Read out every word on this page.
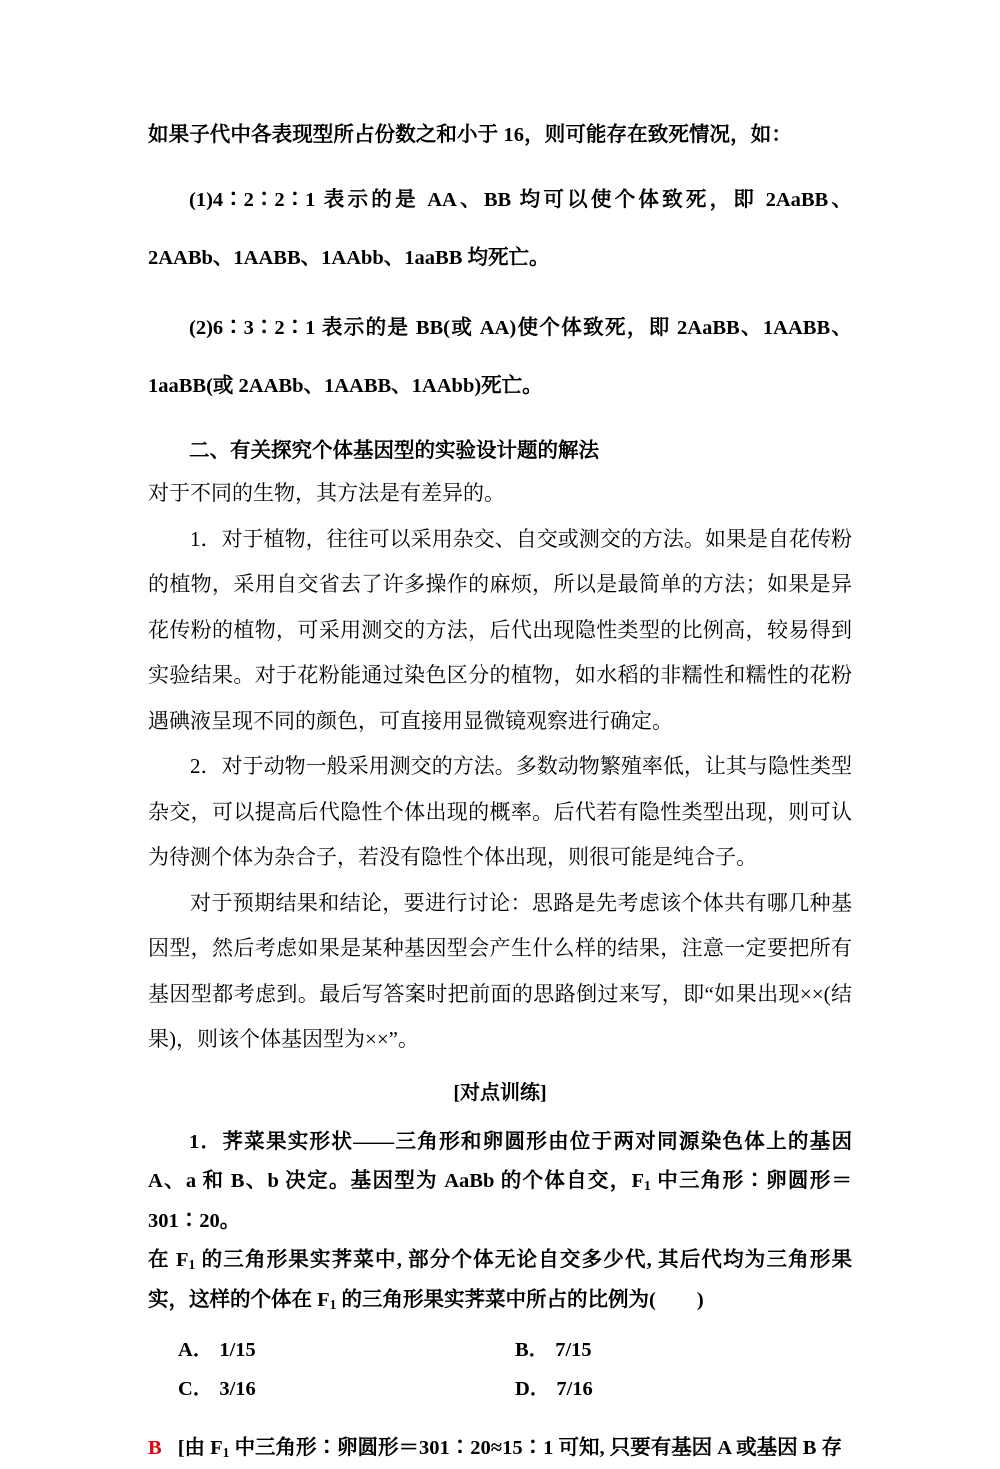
如果子代中各表现型所占份数之和小于 16，则可能存在致死情况，如：

(1)4∶2∶2∶1 表示的是 AA、BB 均可以使个体致死，即 2AaBB、2AABb、1AABB、1AAbb、1aaBB 均死亡。

(2)6∶3∶2∶1 表示的是 BB(或 AA)使个体致死，即 2AaBB、1AABB、1aaBB(或 2AABb、1AABB、1AAbb)死亡。

二、有关探究个体基因型的实验设计题的解法

对于不同的生物，其方法是有差异的。

1．对于植物，往往可以采用杂交、自交或测交的方法。如果是自花传粉的植物，采用自交省去了许多操作的麻烦，所以是最简单的方法；如果是异花传粉的植物，可采用测交的方法，后代出现隐性类型的比例高，较易得到实验结果。对于花粉能通过染色区分的植物，如水稻的非糯性和糯性的花粉遇碘液呈现不同的颜色，可直接用显微镜观察进行确定。

2．对于动物一般采用测交的方法。多数动物繁殖率低，让其与隐性类型杂交，可以提高后代隐性个体出现的概率。后代若有隐性类型出现，则可认为待测个体为杂合子，若没有隐性个体出现，则很可能是纯合子。

对于预期结果和结论，要进行讨论：思路是先考虑该个体共有哪几种基因型，然后考虑如果是某种基因型会产生什么样的结果，注意一定要把所有基因型都考虑到。最后写答案时把前面的思路倒过来写，即“如果出现××(结果)，则该个体基因型为××”。

[对点训练]

1．荠菜果实形状——三角形和卵圆形由位于两对同源染色体上的基因 A、a 和 B、b 决定。基因型为 AaBb 的个体自交，$F_1$ 中三角形∶卵圆形＝301∶20。

在 $F_1$ 的三角形果实荠菜中, 部分个体无论自交多少代, 其后代均为三角形果实，这样的个体在 $F_1$ 的三角形果实荠菜中所占的比例为(　　)

A． 1/15	B． 7/15
C． 3/16	D． 7/16

B [由 $F_1$ 中三角形∶卵圆形＝301∶20≈15∶1 可知, 只要有基因 A 或基因 B 存
